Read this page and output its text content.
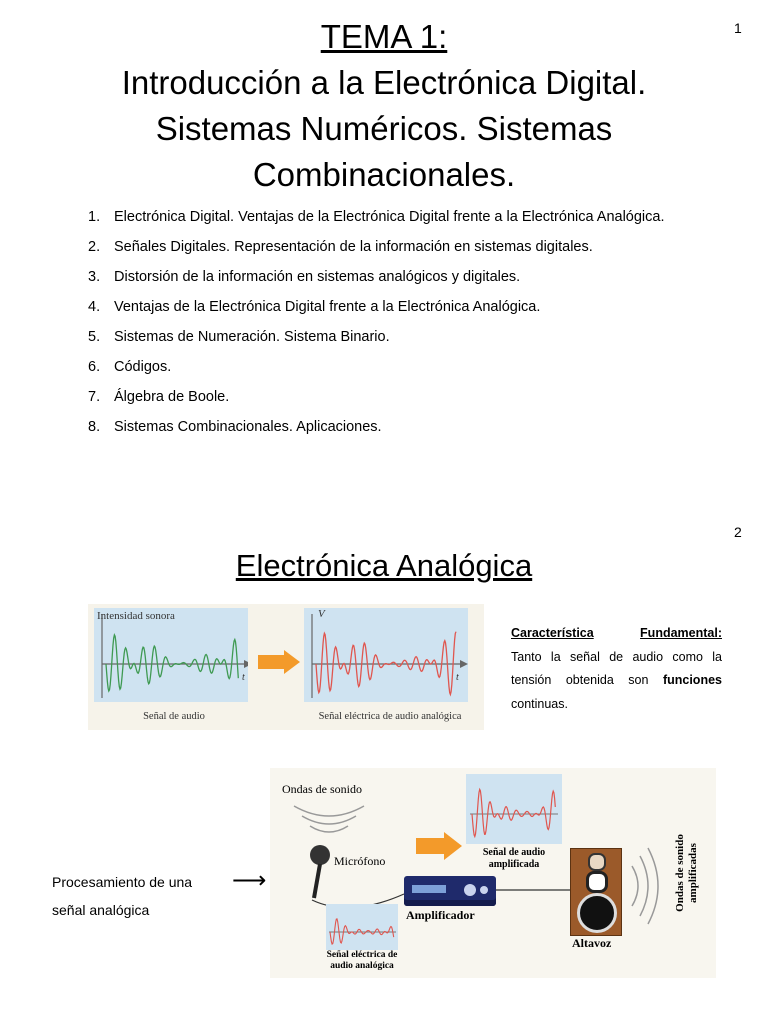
1
TEMA 1:
Introducción a la Electrónica Digital.
Sistemas Numéricos. Sistemas
Combinacionales.
1. Electrónica Digital. Ventajas de la Electrónica Digital frente a la Electrónica Analógica.
2. Señales Digitales. Representación de la información en sistemas digitales.
3. Distorsión de la información en sistemas analógicos y digitales.
4. Ventajas de la Electrónica Digital frente a la Electrónica Analógica.
5. Sistemas de Numeración. Sistema Binario.
6. Códigos.
7. Álgebra de Boole.
8. Sistemas Combinacionales. Aplicaciones.
2
Electrónica Analógica
Intensidad sonora
t
Señal de audio
V
t
Señal eléctrica de audio analógica
Característica	Fundamental:
Tanto la señal de audio como la tensión obtenida son funciones continuas.
Procesamiento de una
señal analógica
⟶
Ondas de sonido
Micrófono
Señal de audio
amplificada
Amplificador
Señal eléctrica de
audio analógica
Altavoz
Ondas de sonido amplificadas
